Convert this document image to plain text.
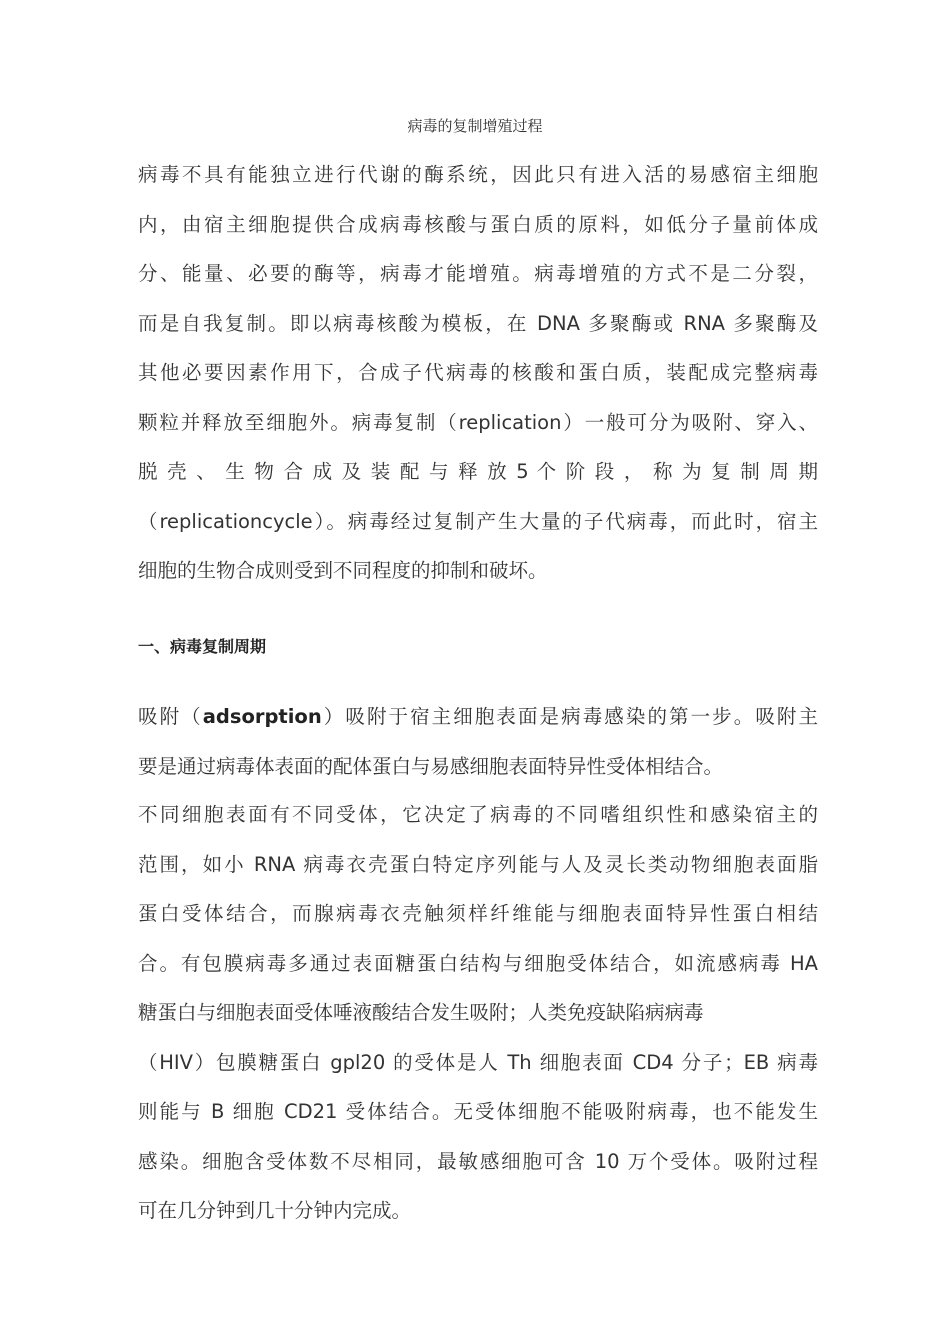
病毒的复制增殖过程
病毒不具有能独立进行代谢的酶系统，因此只有进入活的易感宿主细胞
内，由宿主细胞提供合成病毒核酸与蛋白质的原料，如低分子量前体成
分、能量、必要的酶等，病毒才能增殖。病毒增殖的方式不是二分裂，
而是自我复制。即以病毒核酸为模板，在 DNA 多聚酶或 RNA 多聚酶及
其他必要因素作用下，合成子代病毒的核酸和蛋白质，装配成完整病毒
颗粒并释放至细胞外。病毒复制（replication）一般可分为吸附、穿入、
脱 壳 、 生 物 合 成 及 装 配 与 释 放 5 个 阶 段 ， 称 为 复 制 周 期
（replicationcycle）。病毒经过复制产生大量的子代病毒，而此时，宿主
细胞的生物合成则受到不同程度的抑制和破坏。
一、病毒复制周期
吸附（adsorption）吸附于宿主细胞表面是病毒感染的第一步。吸附主
要是通过病毒体表面的配体蛋白与易感细胞表面特异性受体相结合。
不同细胞表面有不同受体，它决定了病毒的不同嗜组织性和感染宿主的
范围，如小 RNA 病毒衣壳蛋白特定序列能与人及灵长类动物细胞表面脂
蛋白受体结合，而腺病毒衣壳触须样纤维能与细胞表面特异性蛋白相结
合。有包膜病毒多通过表面糖蛋白结构与细胞受体结合，如流感病毒 HA
糖蛋白与细胞表面受体唾液酸结合发生吸附；人类免疫缺陷病病毒
（HIV）包膜糖蛋白 gpl20 的受体是人 Th 细胞表面 CD4 分子；EB 病毒
则能与 B 细胞 CD21 受体结合。无受体细胞不能吸附病毒，也不能发生
感染。细胞含受体数不尽相同，最敏感细胞可含 10 万个受体。吸附过程
可在几分钟到几十分钟内完成。
